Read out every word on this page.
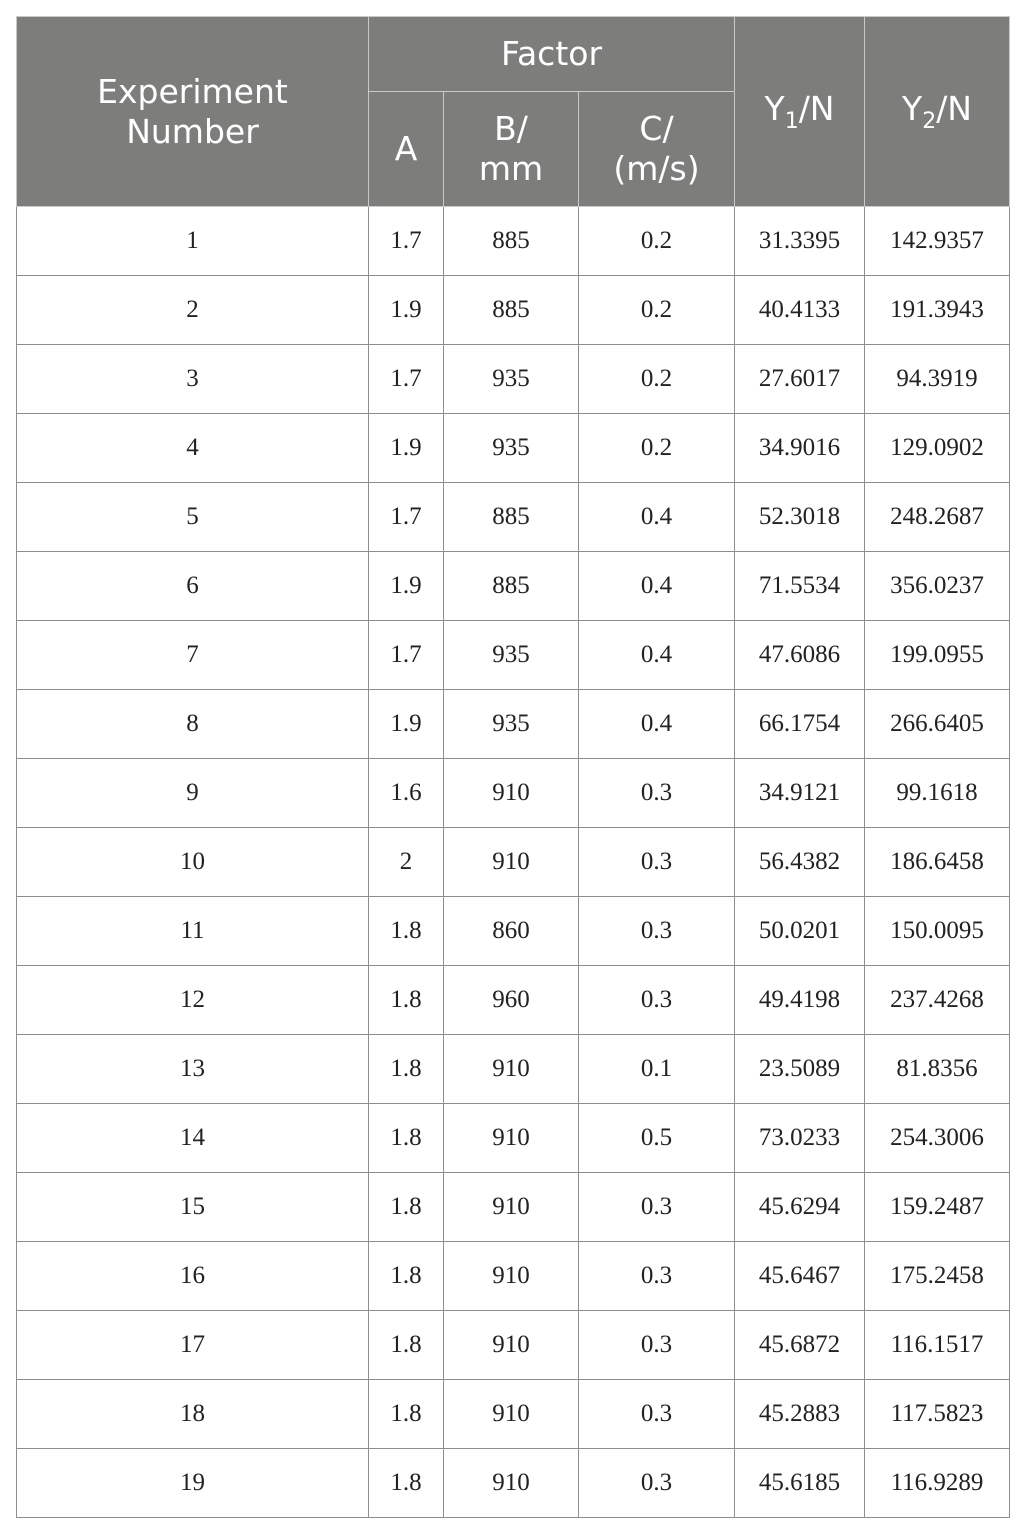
Experiment Number	Factor			$Y_1/N$	$Y_2/N$
	A	B/ mm	C/ (m/s)		
1	1.7	885	0.2	31.3395	142.9357
2	1.9	885	0.2	40.4133	191.3943
3	1.7	935	0.2	27.6017	94.3919
4	1.9	935	0.2	34.9016	129.0902
5	1.7	885	0.4	52.3018	248.2687
6	1.9	885	0.4	71.5534	356.0237
7	1.7	935	0.4	47.6086	199.0955
8	1.9	935	0.4	66.1754	266.6405
9	1.6	910	0.3	34.9121	99.1618
10	2	910	0.3	56.4382	186.6458
11	1.8	860	0.3	50.0201	150.0095
12	1.8	960	0.3	49.4198	237.4268
13	1.8	910	0.1	23.5089	81.8356
14	1.8	910	0.5	73.0233	254.3006
15	1.8	910	0.3	45.6294	159.2487
16	1.8	910	0.3	45.6467	175.2458
17	1.8	910	0.3	45.6872	116.1517
18	1.8	910	0.3	45.2883	117.5823
19	1.8	910	0.3	45.6185	116.9289
